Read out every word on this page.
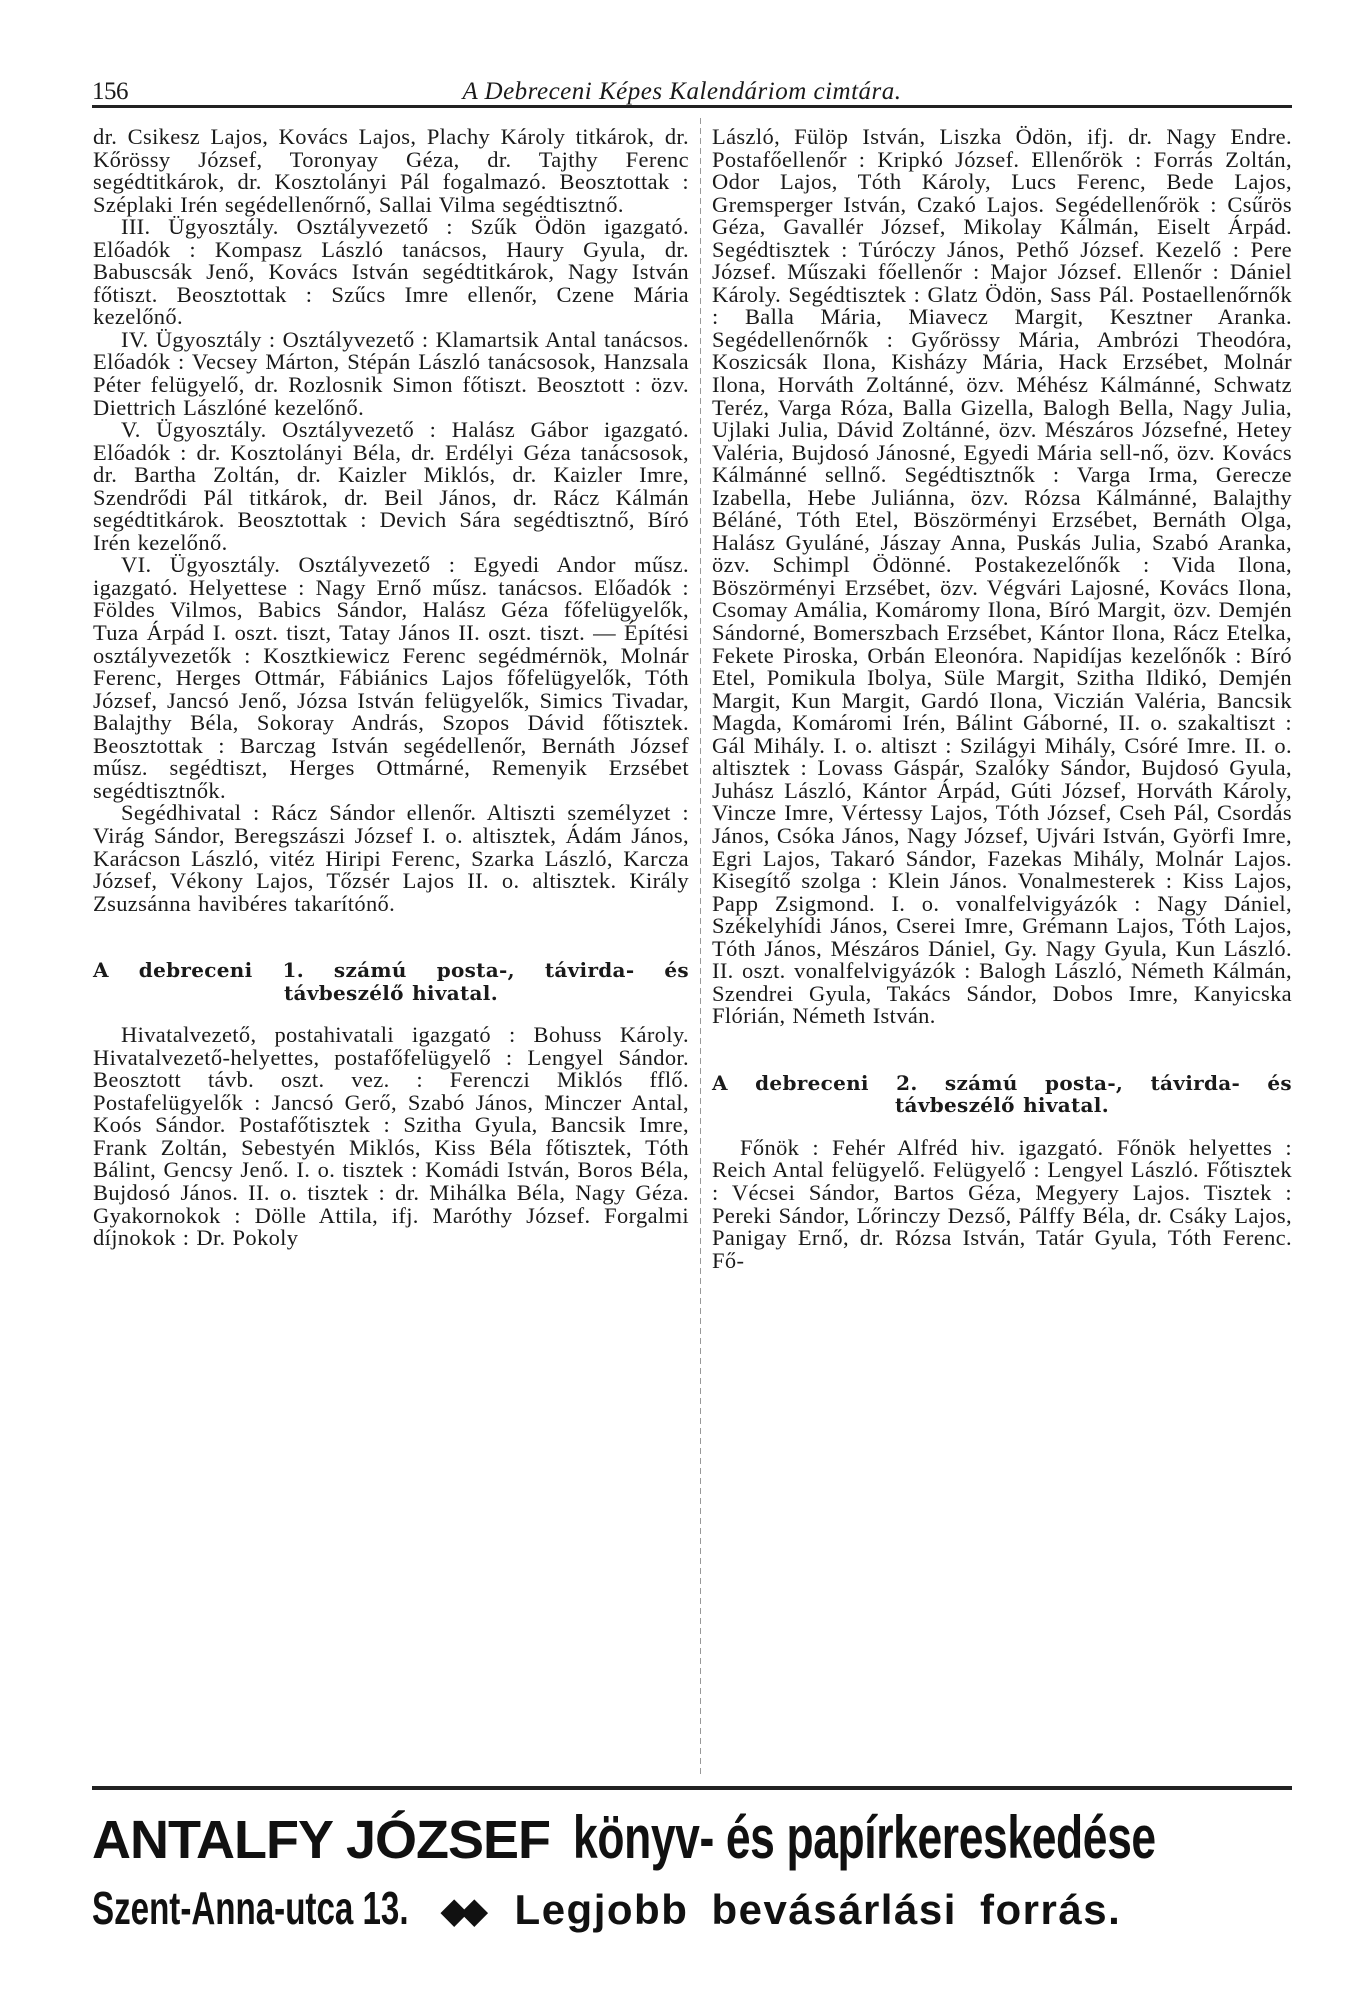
156	A Debreceni Képes Kalendáriom cimtára.

dr. Csikesz Lajos, Kovács Lajos, Plachy Károly titkárok, dr. Kőrössy József, Toronyay Géza, dr. Tajthy Ferenc segédtitkárok, dr. Kosztolányi Pál fogalmazó. Beosztottak : Széplaki Irén segédellenőrnő, Sallai Vilma segédtisztnő.

III. Ügyosztály. Osztályvezető : Szűk Ödön igazgató. Előadók : Kompasz László tanácsos, Haury Gyula, dr. Babuscsák Jenő, Kovács István segédtitkárok, Nagy István főtiszt. Beosztottak : Szűcs Imre ellenőr, Czene Mária kezelőnő.

IV. Ügyosztály : Osztályvezető : Klamartsik Antal tanácsos. Előadók : Vecsey Márton, Stépán László tanácsosok, Hanzsala Péter felügyelő, dr. Rozlosnik Simon főtiszt. Beosztott : özv. Diettrich Lászlóné kezelőnő.

V. Ügyosztály. Osztályvezető : Halász Gábor igazgató. Előadók : dr. Kosztolányi Béla, dr. Erdélyi Géza tanácsosok, dr. Bartha Zoltán, dr. Kaizler Miklós, dr. Kaizler Imre, Szendrődi Pál titkárok, dr. Beil János, dr. Rácz Kálmán segédtitkárok. Beosztottak : Devich Sára segédtisztnő, Bíró Irén kezelőnő.

VI. Ügyosztály. Osztályvezető : Egyedi Andor műsz. igazgató. Helyettese : Nagy Ernő műsz. tanácsos. Előadók : Földes Vilmos, Babics Sándor, Halász Géza főfelügyelők, Tuza Árpád I. oszt. tiszt, Tatay János II. oszt. tiszt. — Építési osztályvezetők : Kosztkiewicz Ferenc segédmérnök, Molnár Ferenc, Herges Ottmár, Fábiánics Lajos főfelügyelők, Tóth József, Jancsó Jenő, Józsa István felügyelők, Simics Tivadar, Balajthy Béla, Sokoray András, Szopos Dávid főtisztek. Beosztottak : Barczag István segédellenőr, Bernáth József műsz. segédtiszt, Herges Ottmárné, Remenyik Erzsébet segédtisztnők.

Segédhivatal : Rácz Sándor ellenőr. Altiszti személyzet : Virág Sándor, Beregszászi József I. o. altisztek, Ádám János, Karácson László, vitéz Hiripi Ferenc, Szarka László, Karcza József, Vékony Lajos, Tőzsér Lajos II. o. altisztek. Király Zsuzsánna havibéres takarítónő.

A debreceni 1. számú posta-, távirda- és
távbeszélő hivatal.

Hivatalvezető, postahivatali igazgató : Bohuss Károly. Hivatalvezető-helyettes, postafőfelügyelő : Lengyel Sándor. Beosztott távb. oszt. vez. : Ferenczi Miklós fflő. Postafelügyelők : Jancsó Gerő, Szabó János, Minczer Antal, Koós Sándor. Postafőtisztek : Szitha Gyula, Bancsik Imre, Frank Zoltán, Sebestyén Miklós, Kiss Béla főtisztek, Tóth Bálint, Gencsy Jenő. I. o. tisztek : Komádi István, Boros Béla, Bujdosó János. II. o. tisztek : dr. Mihálka Béla, Nagy Géza. Gyakornokok : Dölle Attila, ifj. Maróthy József. Forgalmi díjnokok : Dr. Pokoly

László, Fülöp István, Liszka Ödön, ifj. dr. Nagy Endre. Postafőellenőr : Kripkó József. Ellenőrök : Forrás Zoltán, Odor Lajos, Tóth Károly, Lucs Ferenc, Bede Lajos, Gremsperger István, Czakó Lajos. Segédellenőrök : Csűrös Géza, Gavallér József, Mikolay Kálmán, Eiselt Árpád. Segédtisztek : Túróczy János, Pethő József. Kezelő : Pere József. Műszaki főellenőr : Major József. Ellenőr : Dániel Károly. Segédtisztek : Glatz Ödön, Sass Pál. Postaellenőrnők : Balla Mária, Miavecz Margit, Kesztner Aranka. Segédellenőrnők : Győrössy Mária, Ambrózi Theodóra, Koszicsák Ilona, Kisházy Mária, Hack Erzsébet, Molnár Ilona, Horváth Zoltánné, özv. Méhész Kálmánné, Schwatz Teréz, Varga Róza, Balla Gizella, Balogh Bella, Nagy Julia, Ujlaki Julia, Dávid Zoltánné, özv. Mészáros Józsefné, Hetey Valéria, Bujdosó Jánosné, Egyedi Mária sell-nő, özv. Kovács Kálmánné sellnő. Segédtisztnők : Varga Irma, Gerecze Izabella, Hebe Juliánna, özv. Rózsa Kálmánné, Balajthy Béláné, Tóth Etel, Böszörményi Erzsébet, Bernáth Olga, Halász Gyuláné, Jászay Anna, Puskás Julia, Szabó Aranka, özv. Schimpl Ödönné. Postakezelőnők : Vida Ilona, Böszörményi Erzsébet, özv. Végvári Lajosné, Kovács Ilona, Csomay Amália, Komáromy Ilona, Bíró Margit, özv. Demjén Sándorné, Bomerszbach Erzsébet, Kántor Ilona, Rácz Etelka, Fekete Piroska, Orbán Eleonóra. Napidíjas kezelőnők : Bíró Etel, Pomikula Ibolya, Süle Margit, Szitha Ildikó, Demjén Margit, Kun Margit, Gardó Ilona, Viczián Valéria, Bancsik Magda, Komáromi Irén, Bálint Gáborné, II. o. szakaltiszt : Gál Mihály. I. o. altiszt : Szilágyi Mihály, Csóré Imre. II. o. altisztek : Lovass Gáspár, Szalóky Sándor, Bujdosó Gyula, Juhász László, Kántor Árpád, Gúti József, Horváth Károly, Vincze Imre, Vértessy Lajos, Tóth József, Cseh Pál, Csordás János, Csóka János, Nagy József, Ujvári István, Györfi Imre, Egri Lajos, Takaró Sándor, Fazekas Mihály, Molnár Lajos. Kisegítő szolga : Klein János. Vonalmesterek : Kiss Lajos, Papp Zsigmond. I. o. vonalfelvigyázók : Nagy Dániel, Székelyhídi János, Cserei Imre, Grémann Lajos, Tóth Lajos, Tóth János, Mészáros Dániel, Gy. Nagy Gyula, Kun László. II. oszt. vonalfelvigyázók : Balogh László, Németh Kálmán, Szendrei Gyula, Takács Sándor, Dobos Imre, Kanyicska Flórián, Németh István.

A debreceni 2. számú posta-, távirda- és
távbeszélő hivatal.

Főnök : Fehér Alfréd hiv. igazgató. Főnök helyettes : Reich Antal felügyelő. Felügyelő : Lengyel László. Főtisztek : Vécsei Sándor, Bartos Géza, Megyery Lajos. Tisztek : Pereki Sándor, Lőrinczy Dezső, Pálffy Béla, dr. Csáky Lajos, Panigay Ernő, dr. Rózsa István, Tatár Gyula, Tóth Ferenc. Fő-

ANTALFY JÓZSEF könyv- és papírkereskedése
Szent-Anna-utca 13. ◆◆ Legjobb bevásárlási forrás.
